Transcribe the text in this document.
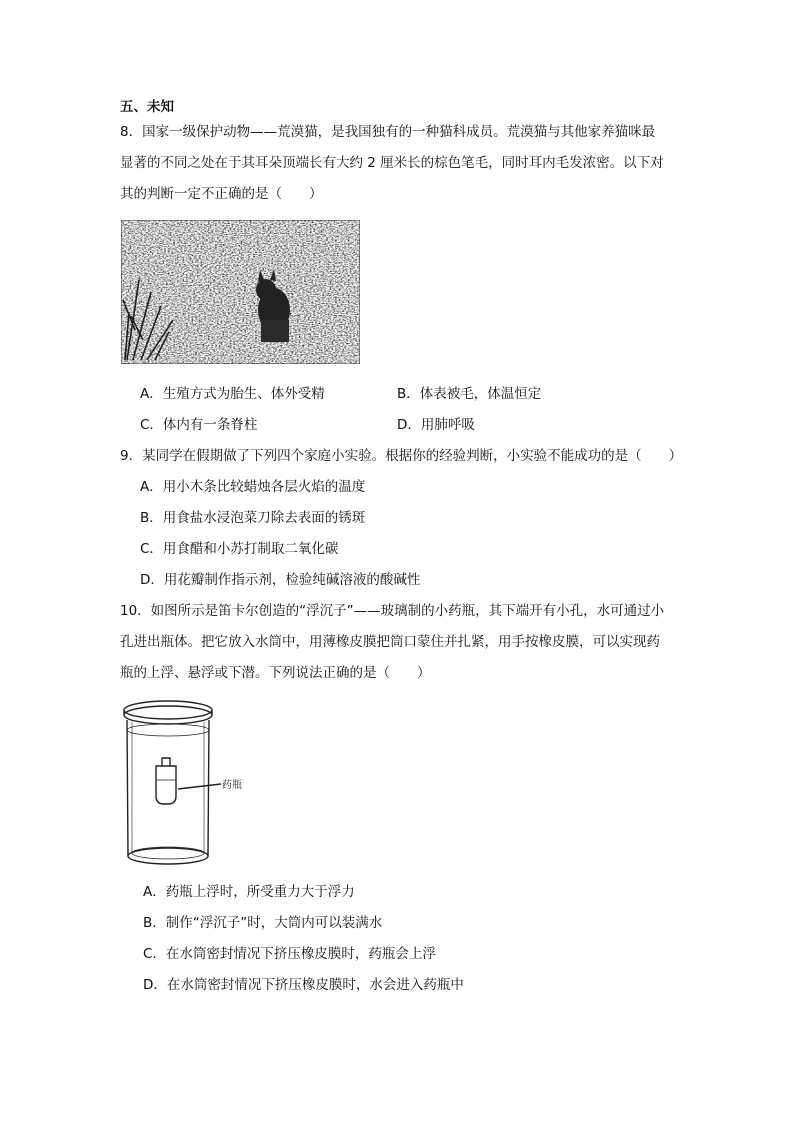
五、未知
8．国家一级保护动物——荒漠猫，是我国独有的一种猫科成员。荒漠猫与其他家养猫咪最
显著的不同之处在于其耳朵顶端长有大约 2 厘米长的棕色笔毛，同时耳内毛发浓密。以下对
其的判断一定不正确的是（　　）
A．生殖方式为胎生、体外受精	B．体表被毛，体温恒定
C．体内有一条脊柱	D．用肺呼吸
9．某同学在假期做了下列四个家庭小实验。根据你的经验判断，小实验不能成功的是（　　）
A．用小木条比较蜡烛各层火焰的温度
B．用食盐水浸泡菜刀除去表面的锈斑
C．用食醋和小苏打制取二氧化碳
D．用花瓣制作指示剂，检验纯碱溶液的酸碱性
10．如图所示是笛卡尔创造的“浮沉子”——玻璃制的小药瓶，其下端开有小孔，水可通过小
孔进出瓶体。把它放入水筒中，用薄橡皮膜把筒口蒙住并扎紧，用手按橡皮膜，可以实现药
瓶的上浮、悬浮或下潜。下列说法正确的是（　　）
药瓶
A．药瓶上浮时，所受重力大于浮力
B．制作“浮沉子”时，大筒内可以装满水
C．在水筒密封情况下挤压橡皮膜时，药瓶会上浮
D．在水筒密封情况下挤压橡皮膜时，水会进入药瓶中
